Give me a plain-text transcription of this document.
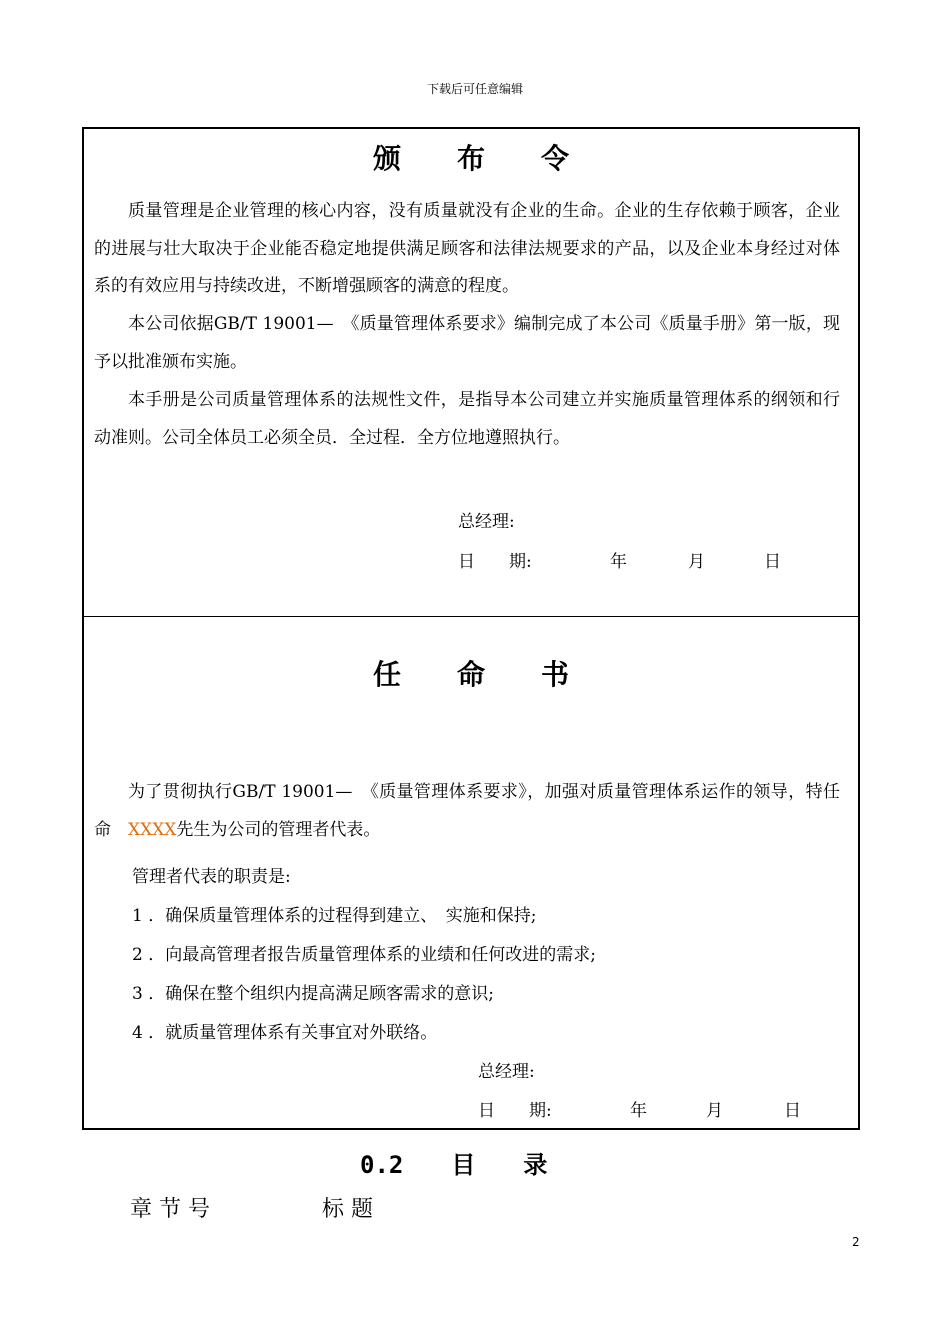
下载后可任意编辑
颁　　布　　令
质量管理是企业管理的核心内容，没有质量就没有企业的生命。企业的生存依赖于顾客，企业的进展与壮大取决于企业能否稳定地提供满足顾客和法律法规要求的产品，以及企业本身经过对体系的有效应用与持续改进，不断增强顾客的满意的程度。
本公司依据GB/T 19001—　《质量管理体系要求》编制完成了本公司《质量手册》第一版，现予以批准颁布实施。
本手册是公司质量管理体系的法规性文件，是指导本公司建立并实施质量管理体系的纲领和行动准则。公司全体员工必须全员．全过程．全方位地遵照执行。
总经理:
日　　期:	年	月	日
任　　命　　书
为了贯彻执行GB/T 19001—　《质量管理体系要求》，加强对质量管理体系运作的领导，特任命　XXXX先生为公司的管理者代表。
管理者代表的职责是:
1 ．确保质量管理体系的过程得到建立、　实施和保持;
2 ．向最高管理者报告质量管理体系的业绩和任何改进的需求;
3 ．确保在整个组织内提高满足顾客需求的意识;
4 ．就质量管理体系有关事宜对外联络。
总经理:
日　　期:	年	月	日
0.2　　目　　录
章 节 号	标 题
2
